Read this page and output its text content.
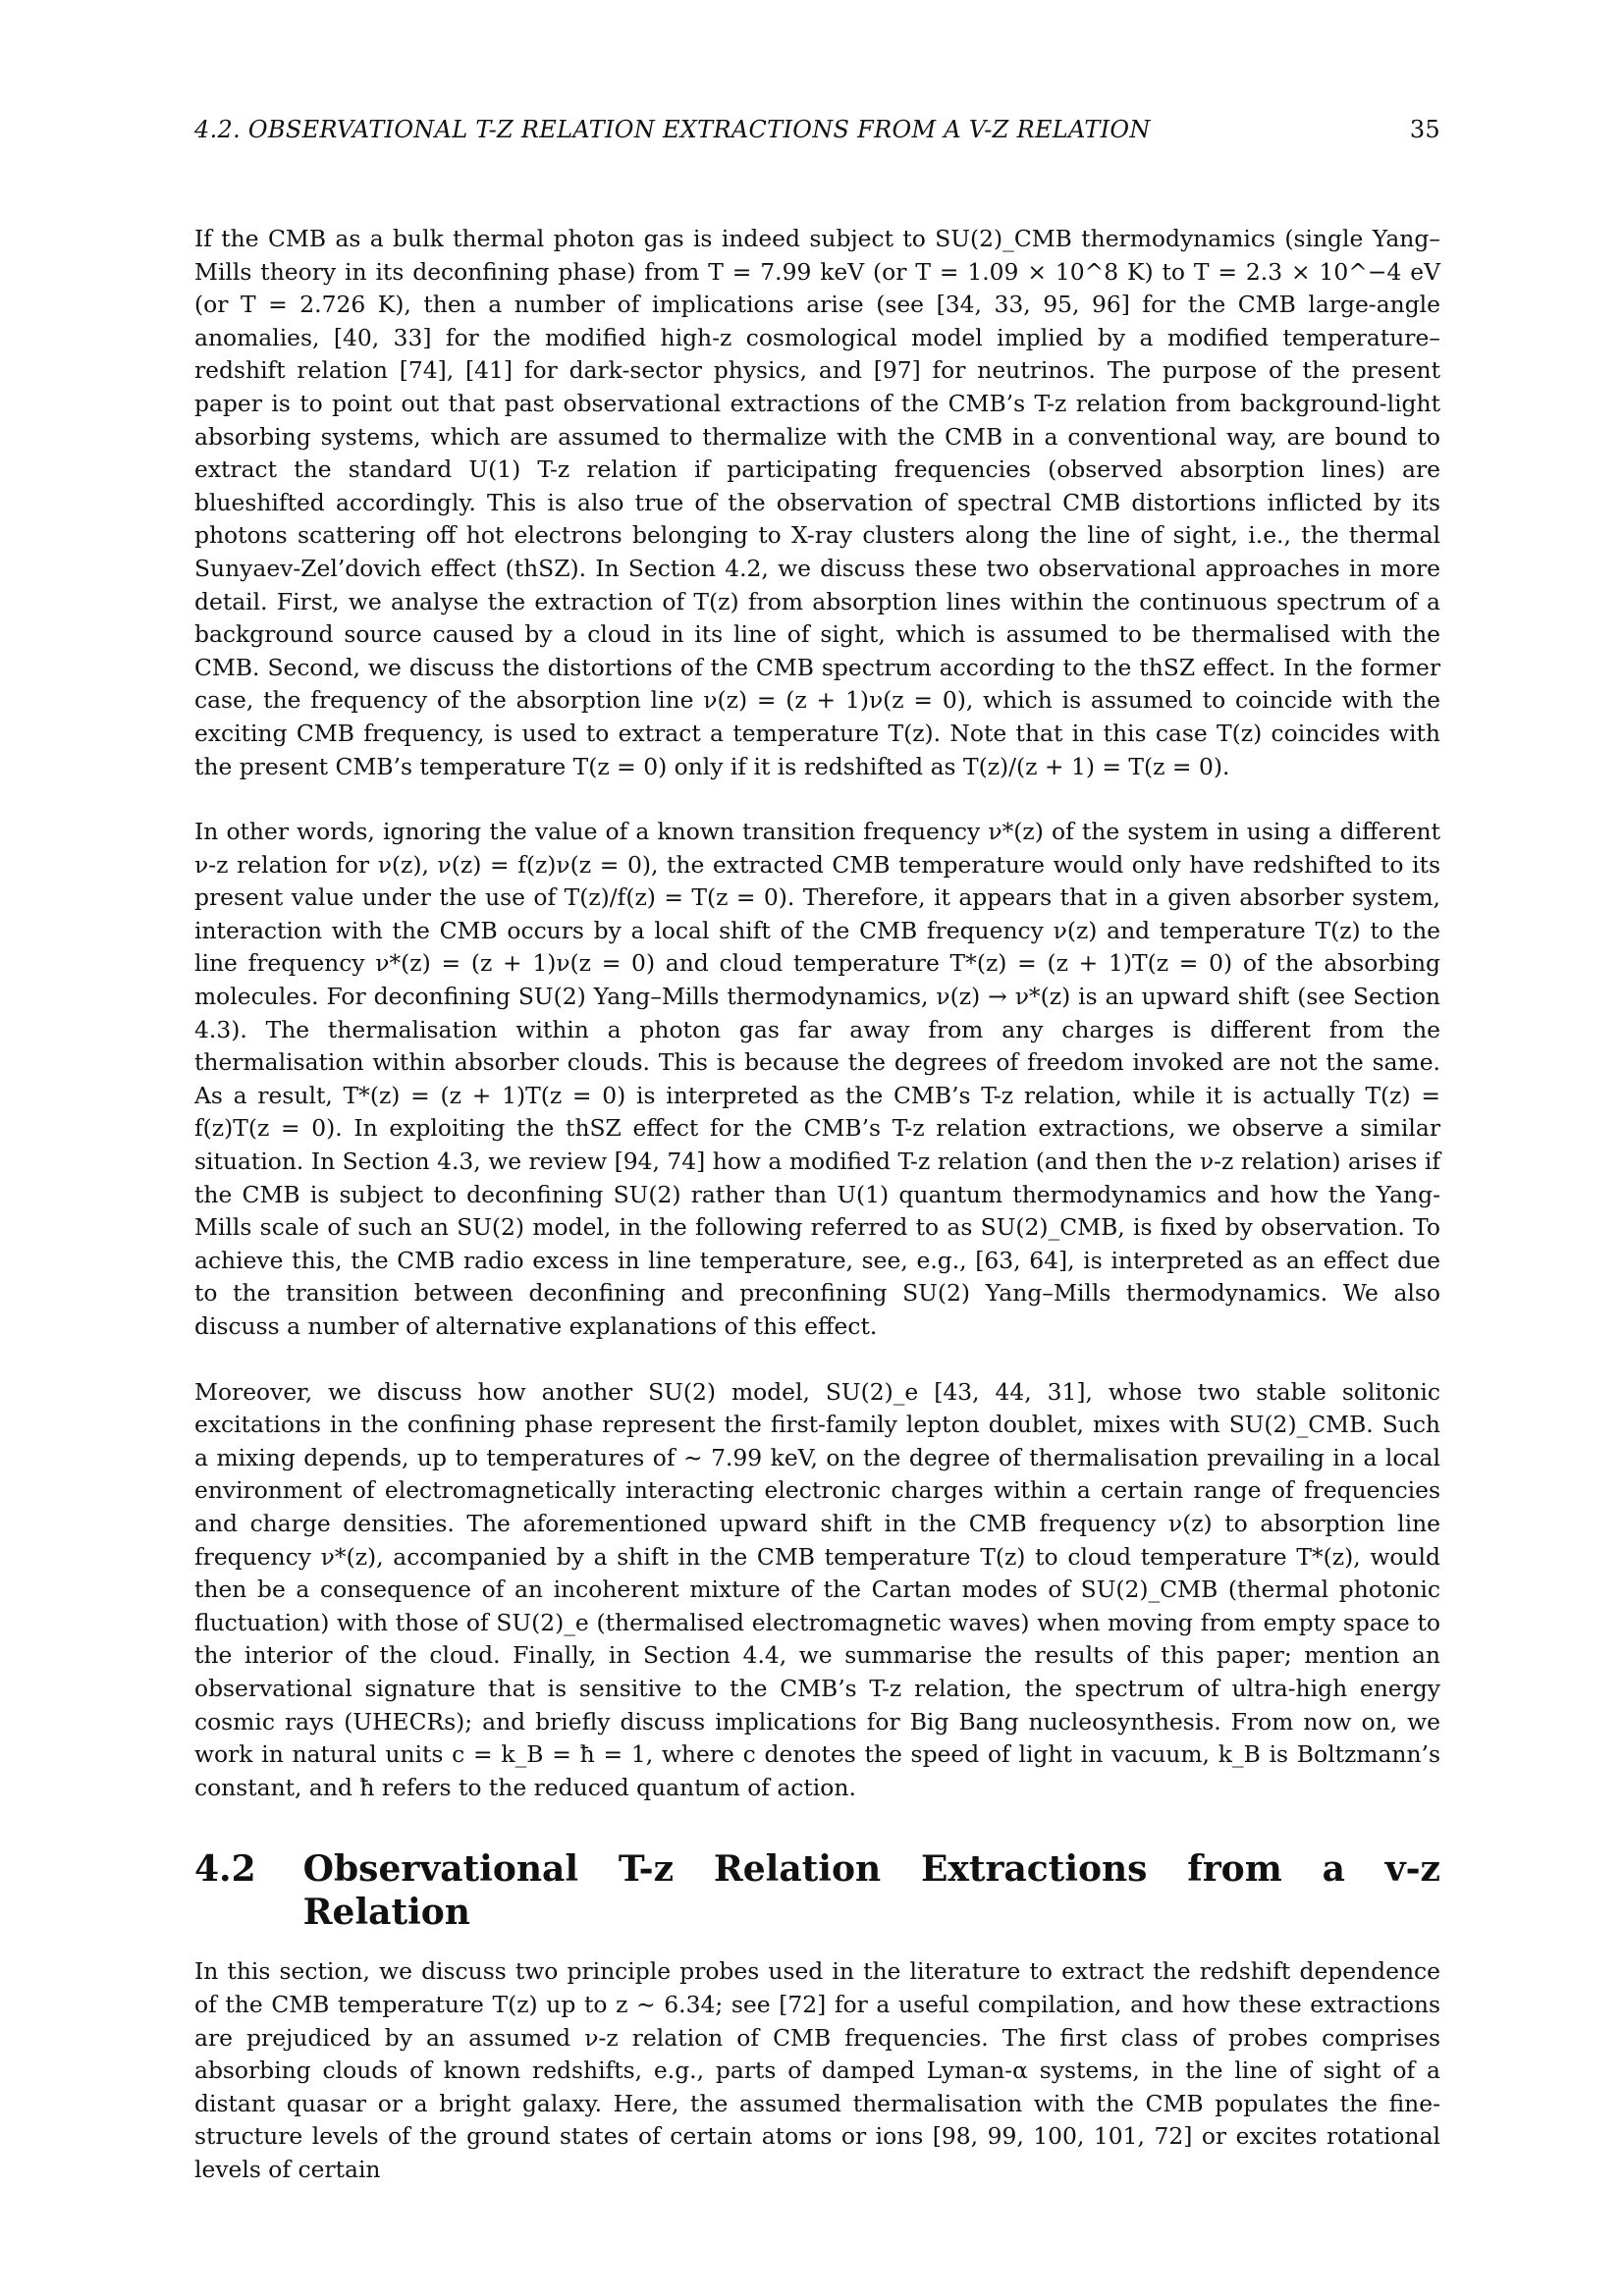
4.2. OBSERVATIONAL T-Z RELATION EXTRACTIONS FROM A V-Z RELATION	35

If the CMB as a bulk thermal photon gas is indeed subject to SU(2)_CMB thermodynamics (single Yang–Mills theory in its deconfining phase) from T = 7.99 keV (or T = 1.09 × 10^8 K) to T = 2.3 × 10^−4 eV (or T = 2.726 K), then a number of implications arise (see [34, 33, 95, 96] for the CMB large-angle anomalies, [40, 33] for the modified high-z cosmological model implied by a modified temperature–redshift relation [74], [41] for dark-sector physics, and [97] for neutrinos. The purpose of the present paper is to point out that past observational extractions of the CMB’s T-z relation from background-light absorbing systems, which are assumed to thermalize with the CMB in a conventional way, are bound to extract the standard U(1) T-z relation if participating frequencies (observed absorption lines) are blueshifted accordingly. This is also true of the observation of spectral CMB distortions inflicted by its photons scattering off hot electrons belonging to X-ray clusters along the line of sight, i.e., the thermal Sunyaev-Zel’dovich effect (thSZ). In Section 4.2, we discuss these two observational approaches in more detail. First, we analyse the extraction of T(z) from absorption lines within the continuous spectrum of a background source caused by a cloud in its line of sight, which is assumed to be thermalised with the CMB. Second, we discuss the distortions of the CMB spectrum according to the thSZ effect. In the former case, the frequency of the absorption line ν(z) = (z + 1)ν(z = 0), which is assumed to coincide with the exciting CMB frequency, is used to extract a temperature T(z). Note that in this case T(z) coincides with the present CMB’s temperature T(z = 0) only if it is redshifted as T(z)/(z + 1) = T(z = 0).

In other words, ignoring the value of a known transition frequency ν*(z) of the system in using a different ν-z relation for ν(z), ν(z) = f(z)ν(z = 0), the extracted CMB temperature would only have redshifted to its present value under the use of T(z)/f(z) = T(z = 0). Therefore, it appears that in a given absorber system, interaction with the CMB occurs by a local shift of the CMB frequency ν(z) and temperature T(z) to the line frequency ν*(z) = (z + 1)ν(z = 0) and cloud temperature T*(z) = (z + 1)T(z = 0) of the absorbing molecules. For deconfining SU(2) Yang–Mills thermodynamics, ν(z) → ν*(z) is an upward shift (see Section 4.3). The thermalisation within a photon gas far away from any charges is different from the thermalisation within absorber clouds. This is because the degrees of freedom invoked are not the same. As a result, T*(z) = (z + 1)T(z = 0) is interpreted as the CMB’s T-z relation, while it is actually T(z) = f(z)T(z = 0). In exploiting the thSZ effect for the CMB’s T-z relation extractions, we observe a similar situation. In Section 4.3, we review [94, 74] how a modified T-z relation (and then the ν-z relation) arises if the CMB is subject to deconfining SU(2) rather than U(1) quantum thermodynamics and how the Yang-Mills scale of such an SU(2) model, in the following referred to as SU(2)_CMB, is fixed by observation. To achieve this, the CMB radio excess in line temperature, see, e.g., [63, 64], is interpreted as an effect due to the transition between deconfining and preconfining SU(2) Yang–Mills thermodynamics. We also discuss a number of alternative explanations of this effect.

Moreover, we discuss how another SU(2) model, SU(2)_e [43, 44, 31], whose two stable solitonic excitations in the confining phase represent the first-family lepton doublet, mixes with SU(2)_CMB. Such a mixing depends, up to temperatures of ∼ 7.99 keV, on the degree of thermalisation prevailing in a local environment of electromagnetically interacting electronic charges within a certain range of frequencies and charge densities. The aforementioned upward shift in the CMB frequency ν(z) to absorption line frequency ν*(z), accompanied by a shift in the CMB temperature T(z) to cloud temperature T*(z), would then be a consequence of an incoherent mixture of the Cartan modes of SU(2)_CMB (thermal photonic fluctuation) with those of SU(2)_e (thermalised electromagnetic waves) when moving from empty space to the interior of the cloud. Finally, in Section 4.4, we summarise the results of this paper; mention an observational signature that is sensitive to the CMB’s T-z relation, the spectrum of ultra-high energy cosmic rays (UHECRs); and briefly discuss implications for Big Bang nucleosynthesis. From now on, we work in natural units c = k_B = ħ = 1, where c denotes the speed of light in vacuum, k_B is Boltzmann’s constant, and ħ refers to the reduced quantum of action.

4.2 Observational T-z Relation Extractions from a v-z Relation

In this section, we discuss two principle probes used in the literature to extract the redshift dependence of the CMB temperature T(z) up to z ∼ 6.34; see [72] for a useful compilation, and how these extractions are prejudiced by an assumed ν-z relation of CMB frequencies. The first class of probes comprises absorbing clouds of known redshifts, e.g., parts of damped Lyman-α systems, in the line of sight of a distant quasar or a bright galaxy. Here, the assumed thermalisation with the CMB populates the fine-structure levels of the ground states of certain atoms or ions [98, 99, 100, 101, 72] or excites rotational levels of certain
